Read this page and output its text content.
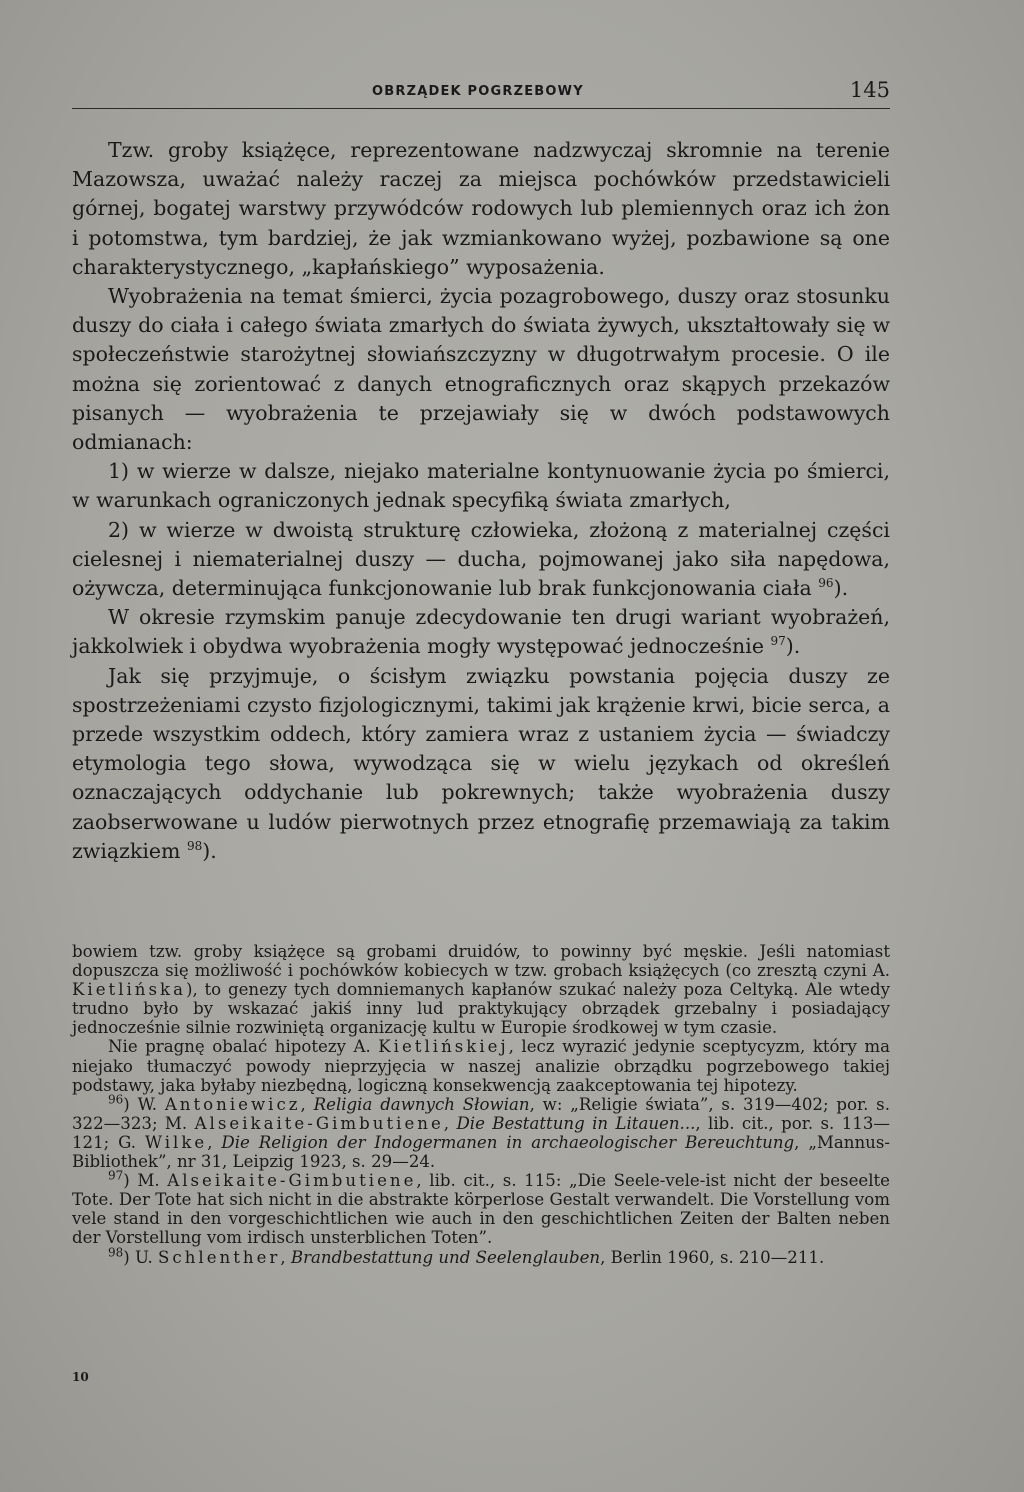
OBRZĄDEK POGRZEBOWY	145

Tzw. groby książęce, reprezentowane nadzwyczaj skromnie na terenie Mazowsza, uważać należy raczej za miejsca pochówków przedstawicieli górnej, bogatej warstwy przywódców rodowych lub plemiennych oraz ich żon i potomstwa, tym bardziej, że jak wzmiankowano wyżej, pozbawione są one charakterystycznego, „kapłańskiego” wyposażenia.

Wyobrażenia na temat śmierci, życia pozagrobowego, duszy oraz stosunku duszy do ciała i całego świata zmarłych do świata żywych, ukształtowały się w społeczeństwie starożytnej słowiańszczyzny w długotrwałym procesie. O ile można się zorientować z danych etnograficznych oraz skąpych przekazów pisanych — wyobrażenia te przejawiały się w dwóch podstawowych odmianach:

1) w wierze w dalsze, niejako materialne kontynuowanie życia po śmierci, w warunkach ograniczonych jednak specyfiką świata zmarłych,

2) w wierze w dwoistą strukturę człowieka, złożoną z materialnej części cielesnej i niematerialnej duszy — ducha, pojmowanej jako siła napędowa, ożywcza, determinująca funkcjonowanie lub brak funkcjonowania ciała $^{96}$).

W okresie rzymskim panuje zdecydowanie ten drugi wariant wyobrażeń, jakkolwiek i obydwa wyobrażenia mogły występować jednocześnie $^{97}$).

Jak się przyjmuje, o ścisłym związku powstania pojęcia duszy ze spostrzeżeniami czysto fizjologicznymi, takimi jak krążenie krwi, bicie serca, a przede wszystkim oddech, który zamiera wraz z ustaniem życia — świadczy etymologia tego słowa, wywodząca się w wielu językach od określeń oznaczających oddychanie lub pokrewnych; także wyobrażenia duszy zaobserwowane u ludów pierwotnych przez etnografię przemawiają za takim związkiem $^{98}$).

bowiem tzw. groby książęce są grobami druidów, to powinny być męskie. Jeśli natomiast dopuszcza się możliwość i pochówków kobiecych w tzw. grobach książęcych (co zresztą czyni A. Kietlińska), to genezy tych domniemanych kapłanów szukać należy poza Celtyką. Ale wtedy trudno było by wskazać jakiś inny lud praktykujący obrządek grzebalny i posiadający jednocześnie silnie rozwiniętą organizację kultu w Europie środkowej w tym czasie.

Nie pragnę obalać hipotezy A. Kietlińskiej, lecz wyrazić jedynie sceptycyzm, który ma niejako tłumaczyć powody nieprzyjęcia w naszej analizie obrządku pogrzebowego takiej podstawy, jaka byłaby niezbędną, logiczną konsekwencją zaakceptowania tej hipotezy.

$^{96}$) W. Antoniewicz, Religia dawnych Słowian, w: „Religie świata”, s. 319—402; por. s. 322—323; M. Alseikaite-Gimbutiene, Die Bestattung in Litauen..., lib. cit., por. s. 113—121; G. Wilke, Die Religion der Indogermanen in archaeologischer Bereuchtung, „Mannus-Bibliothek”, nr 31, Leipzig 1923, s. 29—24.

$^{97}$) M. Alseikaite-Gimbutiene, lib. cit., s. 115: „Die Seele-vele-ist nicht der beseelte Tote. Der Tote hat sich nicht in die abstrakte körperlose Gestalt verwandelt. Die Vorstellung vom vele stand in den vorgeschichtlichen wie auch in den geschichtlichen Zeiten der Balten neben der Vorstellung vom irdisch unsterblichen Toten”.

$^{98}$) U. Schlenther, Brandbestattung und Seelenglauben, Berlin 1960, s. 210—211.

10
